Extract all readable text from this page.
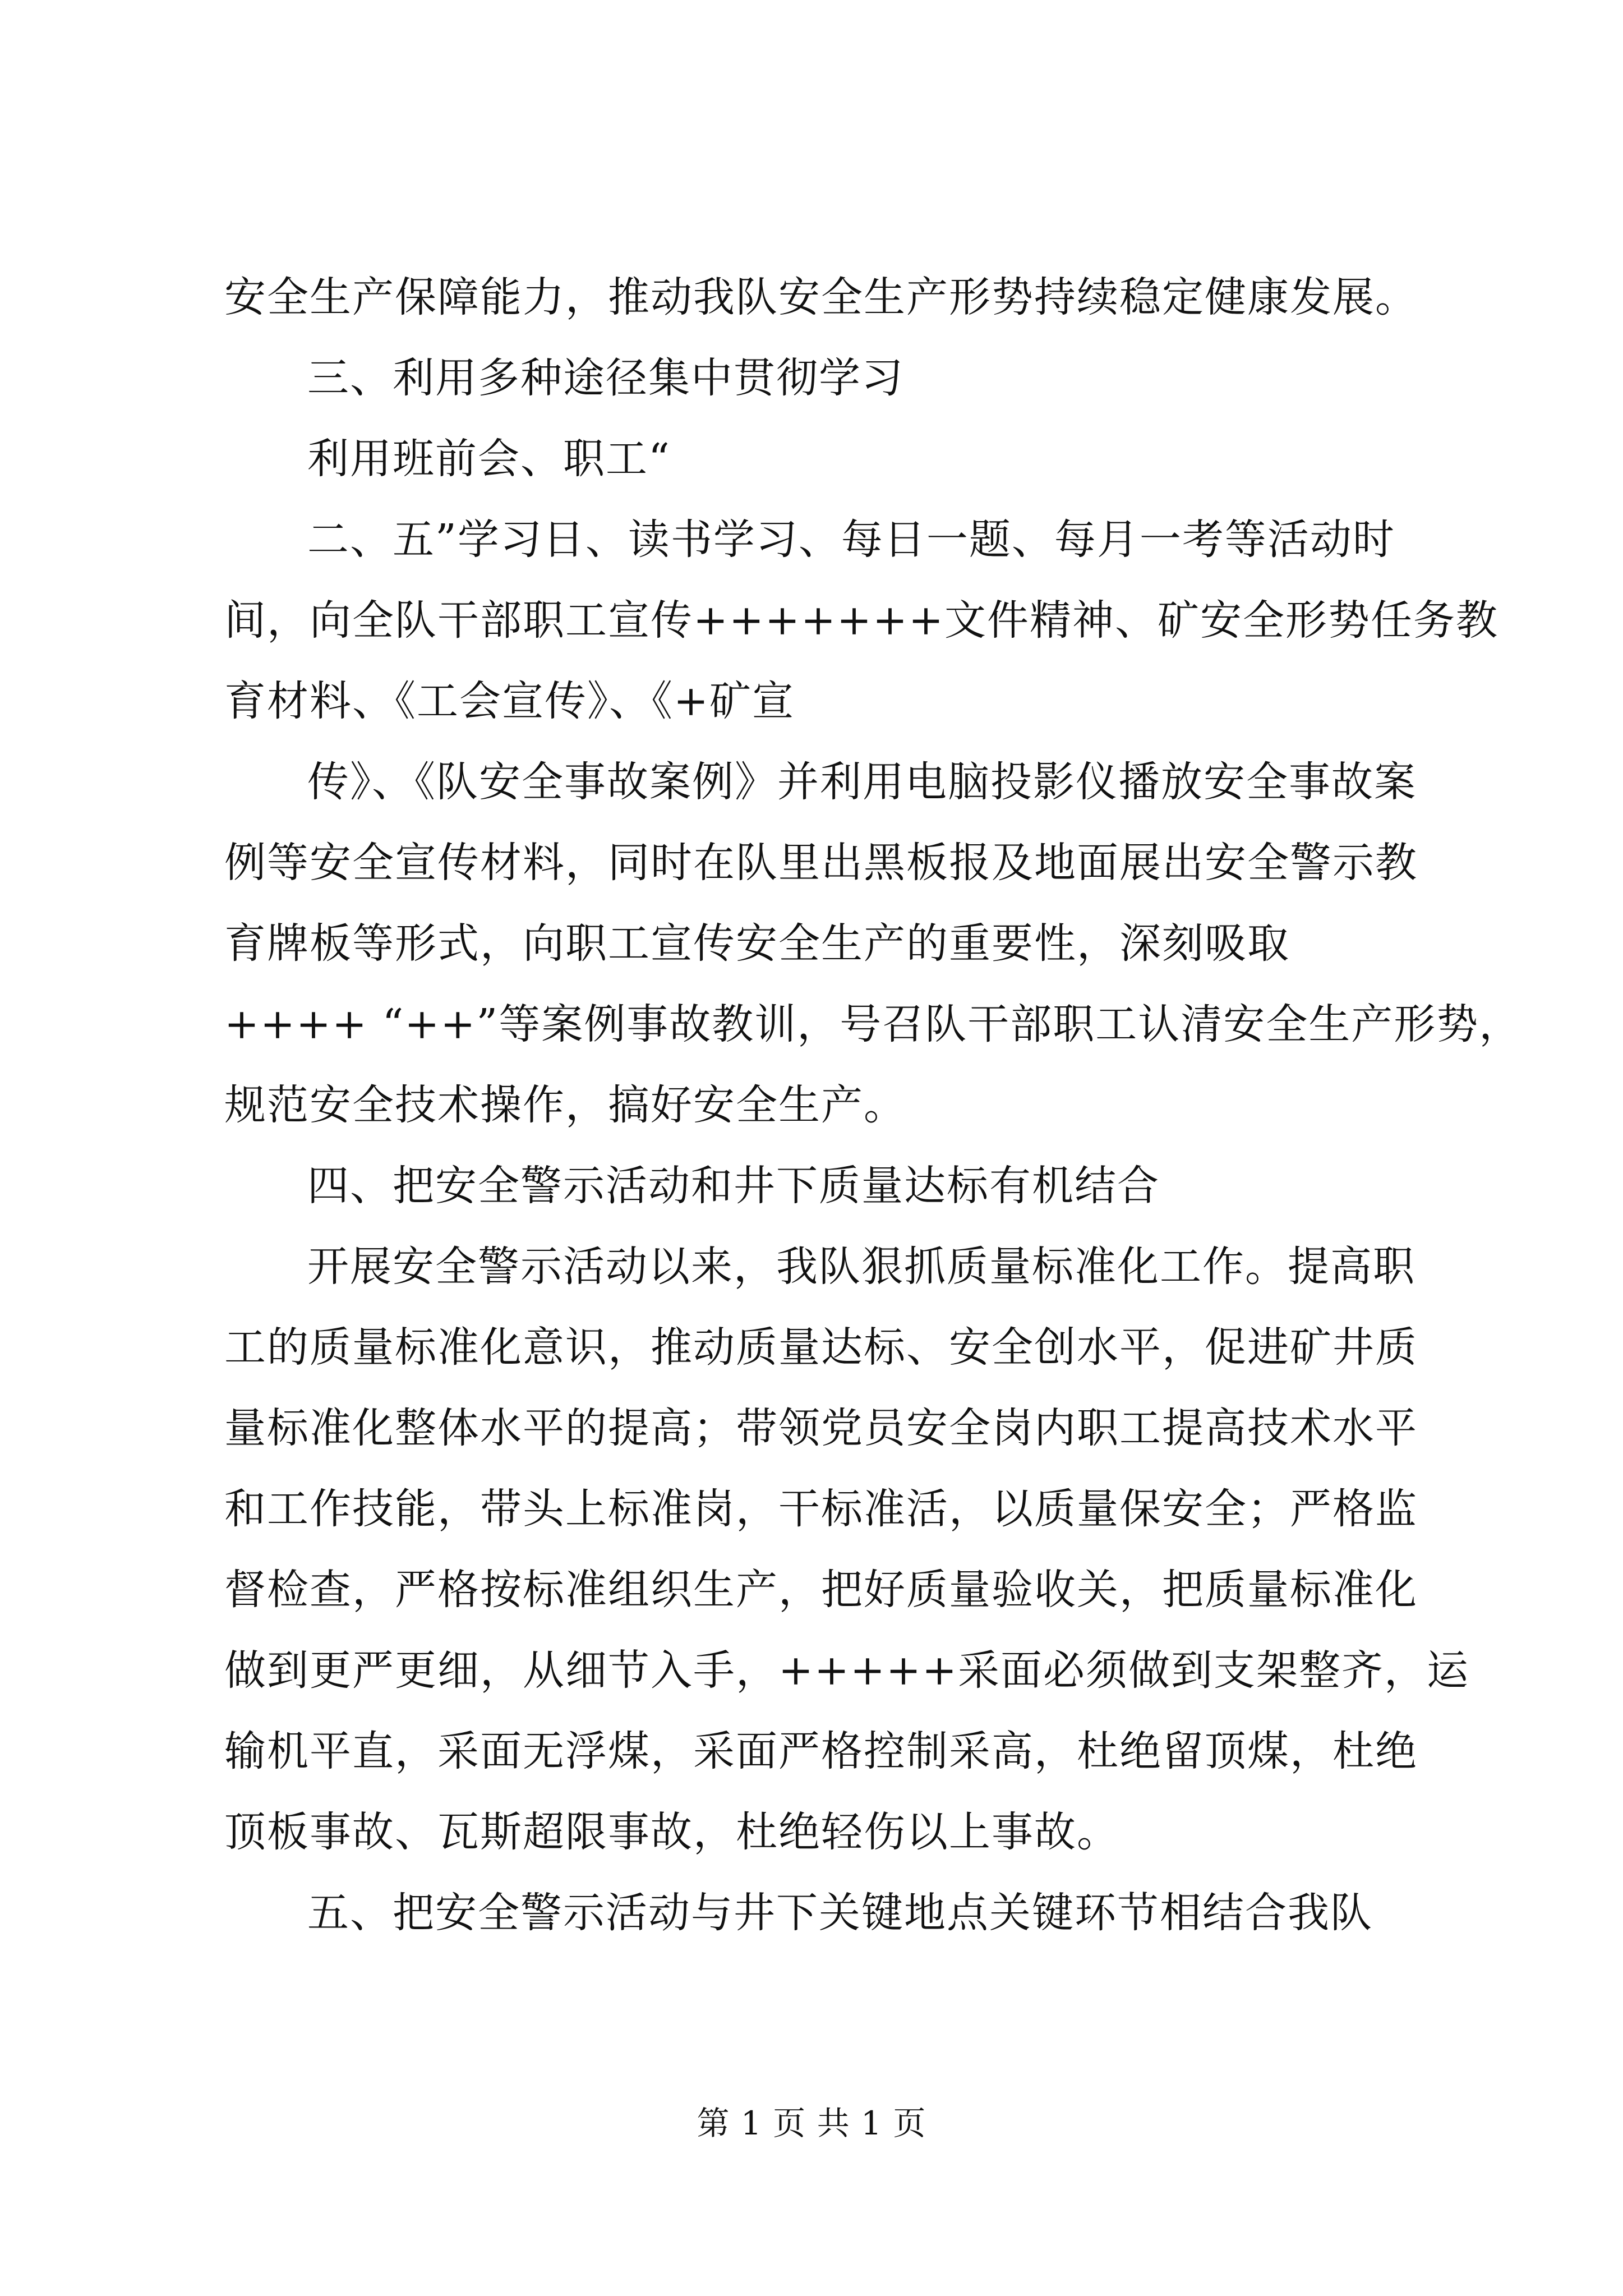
安全生产保障能力，推动我队安全生产形势持续稳定健康发展。
三、利用多种途径集中贯彻学习
利用班前会、职工“
二、五”学习日、读书学习、每日一题、每月一考等活动时
间，向全队干部职工宣传+++++++文件精神、矿安全形势任务教
育材料、《工会宣传》、《+矿宣
传》、《队安全事故案例》并利用电脑投影仪播放安全事故案
例等安全宣传材料，同时在队里出黑板报及地面展出安全警示教
育牌板等形式，向职工宣传安全生产的重要性，深刻吸取
++++ “++”等案例事故教训，号召队干部职工认清安全生产形势，
规范安全技术操作，搞好安全生产。
四、把安全警示活动和井下质量达标有机结合
开展安全警示活动以来，我队狠抓质量标准化工作。提高职
工的质量标准化意识，推动质量达标、安全创水平，促进矿井质
量标准化整体水平的提高；带领党员安全岗内职工提高技术水平
和工作技能，带头上标准岗，干标准活，以质量保安全；严格监
督检查，严格按标准组织生产，把好质量验收关，把质量标准化
做到更严更细，从细节入手，+++++采面必须做到支架整齐，运
输机平直，采面无浮煤，采面严格控制采高，杜绝留顶煤，杜绝
顶板事故、瓦斯超限事故，杜绝轻伤以上事故。
五、把安全警示活动与井下关键地点关键环节相结合我队
第 1 页 共 1 页
